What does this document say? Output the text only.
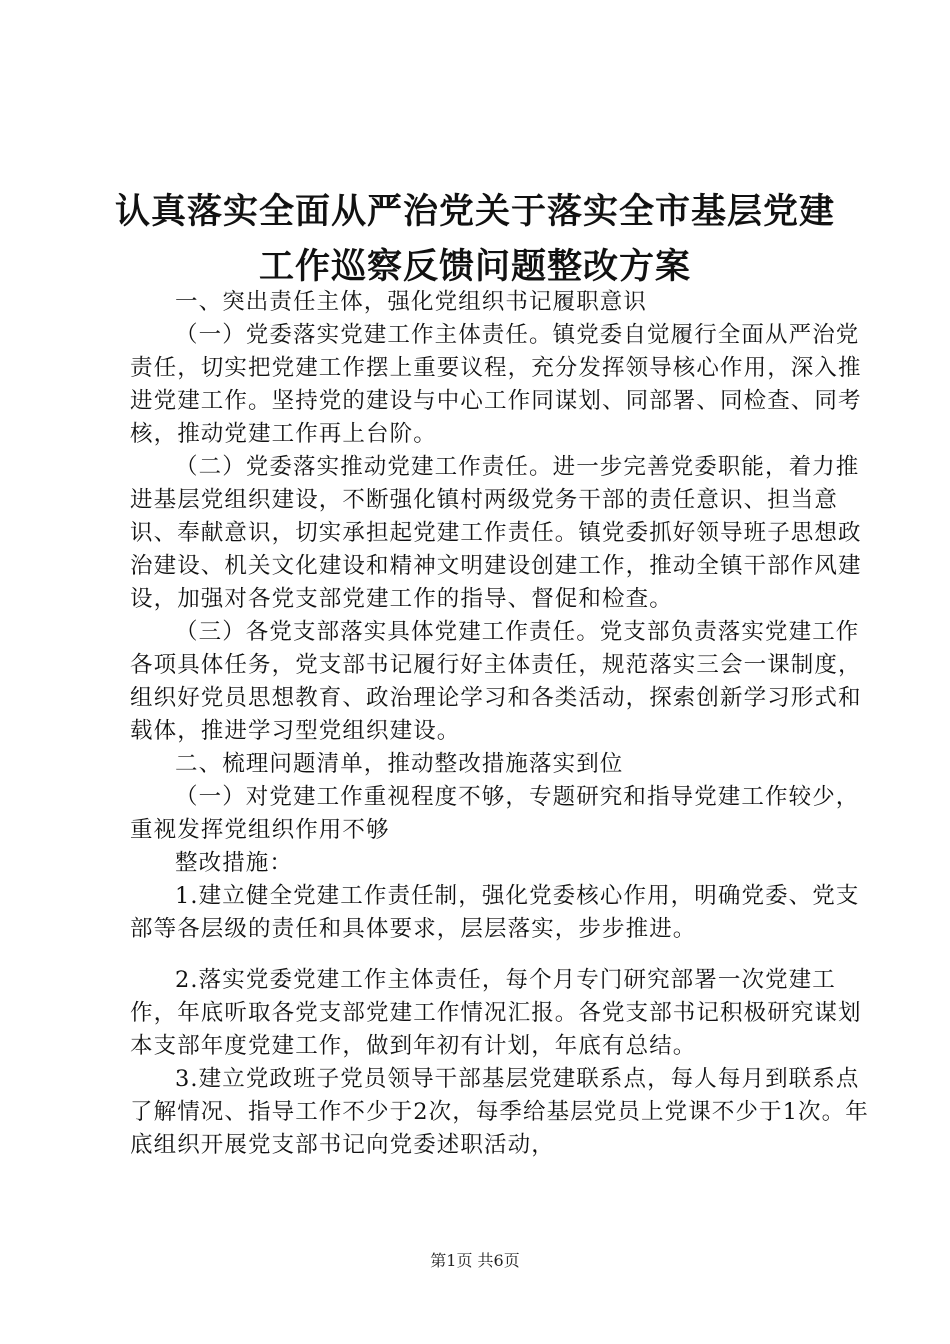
认真落实全面从严治党关于落实全市基层党建
工作巡察反馈问题整改方案

一、突出责任主体，强化党组织书记履职意识

（一）党委落实党建工作主体责任。镇党委自觉履行全面从严治党责任，切实把党建工作摆上重要议程，充分发挥领导核心作用，深入推进党建工作。坚持党的建设与中心工作同谋划、同部署、同检查、同考核，推动党建工作再上台阶。

（二）党委落实推动党建工作责任。进一步完善党委职能，着力推进基层党组织建设，不断强化镇村两级党务干部的责任意识、担当意识、奉献意识，切实承担起党建工作责任。镇党委抓好领导班子思想政治建设、机关文化建设和精神文明建设创建工作，推动全镇干部作风建设，加强对各党支部党建工作的指导、督促和检查。

（三）各党支部落实具体党建工作责任。党支部负责落实党建工作各项具体任务，党支部书记履行好主体责任，规范落实三会一课制度，组织好党员思想教育、政治理论学习和各类活动，探索创新学习形式和载体，推进学习型党组织建设。

二、梳理问题清单，推动整改措施落实到位

（一）对党建工作重视程度不够，专题研究和指导党建工作较少，重视发挥党组织作用不够

整改措施：

1.建立健全党建工作责任制，强化党委核心作用，明确党委、党支部等各层级的责任和具体要求，层层落实，步步推进。

2.落实党委党建工作主体责任，每个月专门研究部署一次党建工作，年底听取各党支部党建工作情况汇报。各党支部书记积极研究谋划本支部年度党建工作，做到年初有计划，年底有总结。

3.建立党政班子党员领导干部基层党建联系点，每人每月到联系点了解情况、指导工作不少于2次，每季给基层党员上党课不少于1次。年底组织开展党支部书记向党委述职活动，

第1页 共6页
